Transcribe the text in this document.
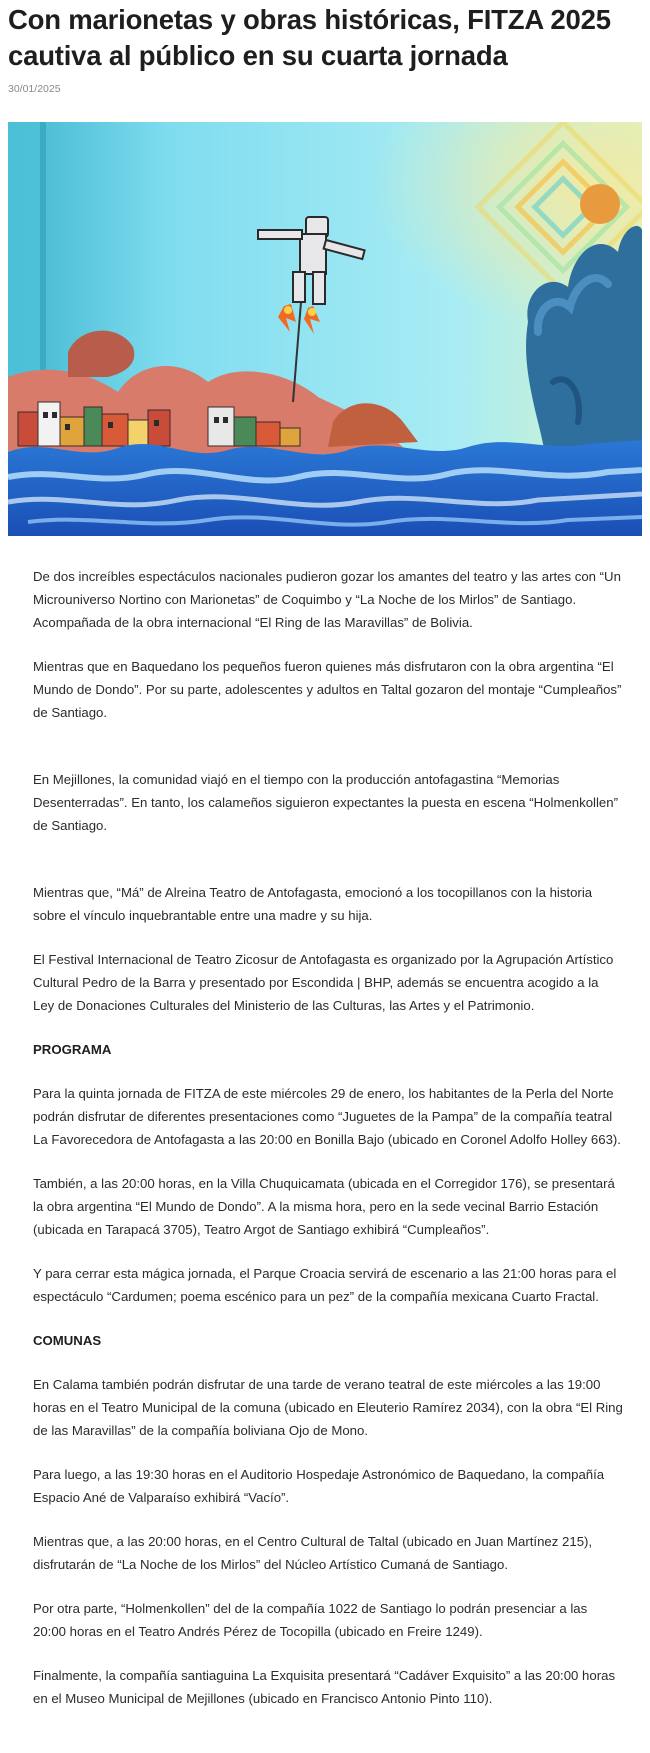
Con marionetas y obras históricas, FITZA 2025 cautiva al público en su cuarta jornada
30/01/2025

De dos increíbles espectáculos nacionales pudieron gozar los amantes del teatro y las artes con “Un Microuniverso Nortino con Marionetas” de Coquimbo y “La Noche de los Mirlos” de Santiago. Acompañada de la obra internacional “El Ring de las Maravillas” de Bolivia.

Mientras que en Baquedano los pequeños fueron quienes más disfrutaron con la obra argentina “El Mundo de Dondo”. Por su parte, adolescentes y adultos en Taltal gozaron del montaje “Cumpleaños” de Santiago.

En Mejillones, la comunidad viajó en el tiempo con la producción antofagastina “Memorias Desenterradas”. En tanto, los calameños siguieron expectantes la puesta en escena “Holmenkollen” de Santiago.

Mientras que, “Má” de Alreina Teatro de Antofagasta, emocionó a los tocopillanos con la historia sobre el vínculo inquebrantable entre una madre y su hija.

El Festival Internacional de Teatro Zicosur de Antofagasta es organizado por la Agrupación Artístico Cultural Pedro de la Barra y presentado por Escondida | BHP, además se encuentra acogido a la Ley de Donaciones Culturales del Ministerio de las Culturas, las Artes y el Patrimonio.

PROGRAMA

Para la quinta jornada de FITZA de este miércoles 29 de enero, los habitantes de la Perla del Norte podrán disfrutar de diferentes presentaciones como “Juguetes de la Pampa” de la compañía teatral La Favorecedora de Antofagasta a las 20:00 en Bonilla Bajo (ubicado en Coronel Adolfo Holley 663).

También, a las 20:00 horas, en la Villa Chuquicamata (ubicada en el Corregidor 176), se presentará la obra argentina “El Mundo de Dondo”. A la misma hora, pero en la sede vecinal Barrio Estación (ubicada en Tarapacá 3705), Teatro Argot de Santiago exhibirá “Cumpleaños”.

Y para cerrar esta mágica jornada, el Parque Croacia servirá de escenario a las 21:00 horas para el espectáculo “Cardumen; poema escénico para un pez” de la compañía mexicana Cuarto Fractal.

COMUNAS

En Calama también podrán disfrutar de una tarde de verano teatral de este miércoles a las 19:00 horas en el Teatro Municipal de la comuna (ubicado en Eleuterio Ramírez 2034), con la obra “El Ring de las Maravillas” de la compañía boliviana Ojo de Mono.

Para luego, a las 19:30 horas en el Auditorio Hospedaje Astronómico de Baquedano, la compañía Espacio Ané de Valparaíso exhibirá “Vacío”.

Mientras que, a las 20:00 horas, en el Centro Cultural de Taltal (ubicado en Juan Martínez 215), disfrutarán de “La Noche de los Mirlos” del Núcleo Artístico Cumaná de Santiago.

Por otra parte, “Holmenkollen” del de la compañía 1022 de Santiago lo podrán presenciar a las 20:00 horas en el Teatro Andrés Pérez de Tocopilla (ubicado en Freire 1249).

Finalmente, la compañía santiaguina La Exquisita presentará “Cadáver Exquisito” a las 20:00 horas en el Museo Municipal de Mejillones (ubicado en Francisco Antonio Pinto 110).
